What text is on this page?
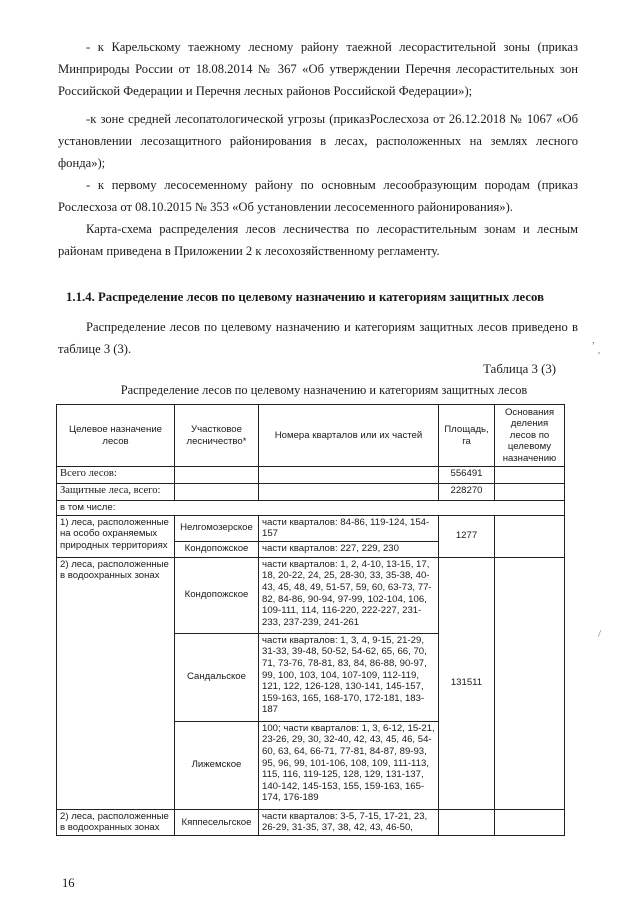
- к Карельскому таежному лесному району таежной лесорастительной зоны (приказ Минприроды России от 18.08.2014 № 367 «Об утверждении Перечня лесорастительных зон Российской Федерации и Перечня лесных районов Российской Федерации»);

-к зоне средней лесопатологической угрозы (приказРослесхоза от 26.12.2018 № 1067 «Об установлении лесозащитного районирования в лесах, расположенных на землях лесного фонда»);

- к первому лесосеменному району по основным лесообразующим породам (приказ Рослесхоза от 08.10.2015 № 353 «Об установлении лесосеменного районирования»).

Карта-схема распределения лесов лесничества по лесорастительным зонам и лесным районам приведена в Приложении 2 к лесохозяйственному регламенту.

1.1.4. Распределение лесов по целевому назначению и категориям защитных лесов

Распределение лесов по целевому назначению и категориям защитных лесов приведено в таблице 3 (3).

Таблица 3 (3)

Распределение лесов по целевому назначению и категориям защитных лесов

Целевое назначение лесов	Участковое лесничество*	Номера кварталов или их частей	Площадь, га	Основания деления лесов по целевому назначению
Всего лесов:			556491	
Защитные леса, всего:			228270	
в том числе:				
1) леса, расположенные на особо охраняемых природных территориях	Нелгомозерское	части кварталов: 84-86, 119-124, 154-157	1277	
	Кондопожское	части кварталов: 227, 229, 230		
2) леса, расположенные в водоохранных зонах	Кондопожское	части кварталов: 1, 2, 4-10, 13-15, 17, 18, 20-22, 24, 25, 28-30, 33, 35-38, 40-43, 45, 48, 49, 51-57, 59, 60, 63-73, 77-82, 84-86, 90-94, 97-99, 102-104, 106, 109-111, 114, 116-220, 222-227, 231-233, 237-239, 241-261	131511	
	Сандальское	части кварталов: 1, 3, 4, 9-15, 21-29, 31-33, 39-48, 50-52, 54-62, 65, 66, 70, 71, 73-76, 78-81, 83, 84, 86-88, 90-97, 99, 100, 103, 104, 107-109, 112-119, 121, 122, 126-128, 130-141, 145-157, 159-163, 165, 168-170, 172-181, 183-187		
	Лижемское	100; части кварталов: 1, 3, 6-12, 15-21, 23-26, 29, 30, 32-40, 42, 43, 45, 46, 54-60, 63, 64, 66-71, 77-81, 84-87, 89-93, 95, 96, 99, 101-106, 108, 109, 111-113, 115, 116, 119-125, 128, 129, 131-137, 140-142, 145-153, 155, 159-163, 165-174, 176-189		
2) леса, расположенные в водоохранных зонах	Кяппесельгское	части кварталов: 3-5, 7-15, 17-21, 23, 26-29, 31-35, 37, 38, 42, 43, 46-50,		
16
,
'
/
